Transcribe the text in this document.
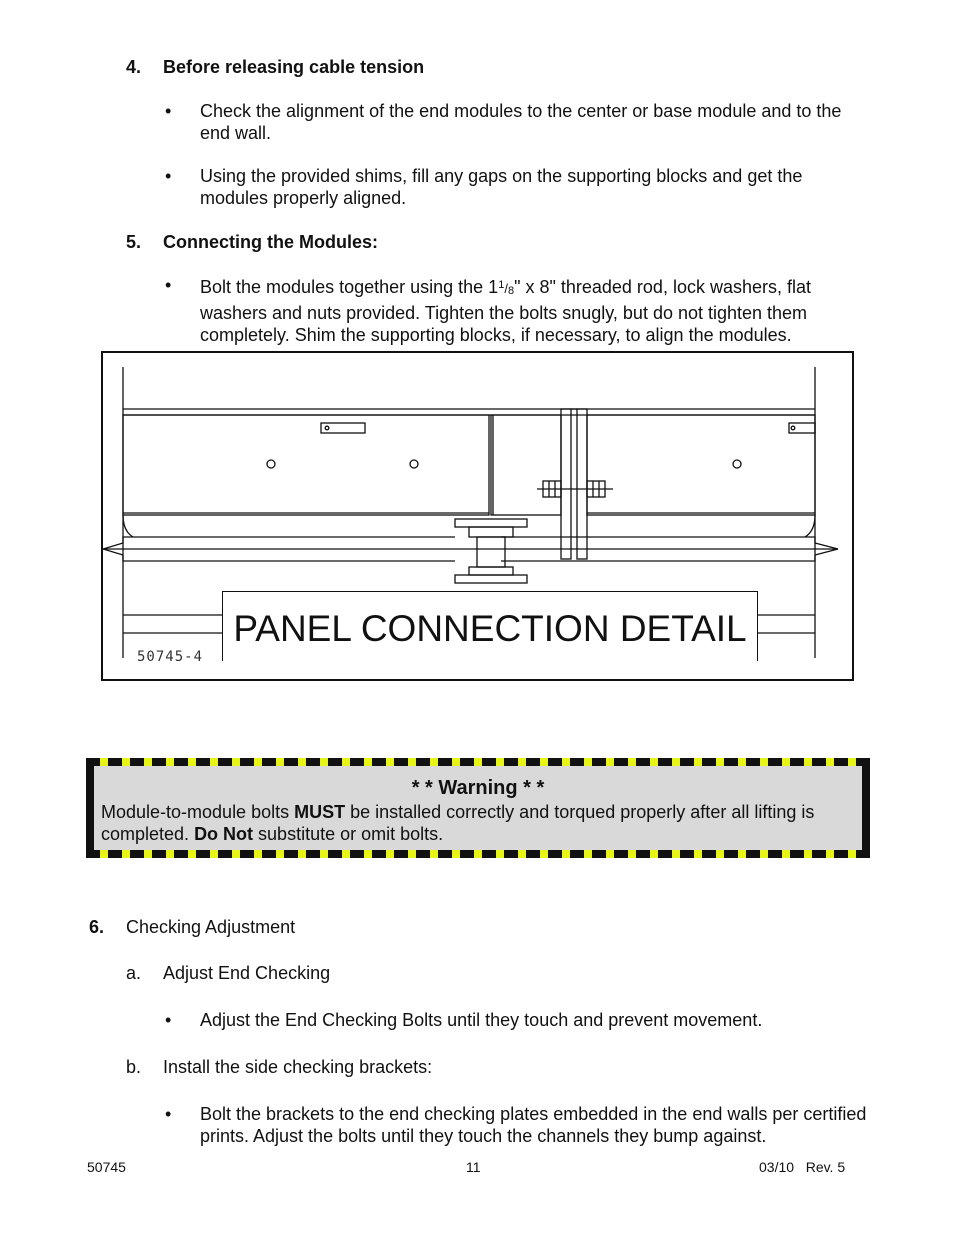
4. Before releasing cable tension
• Check the alignment of the end modules to the center or base module and to the end wall.
• Using the provided shims, fill any gaps on the supporting blocks and get the modules properly aligned.
5. Connecting the Modules:
• Bolt the modules together using the $1^1/8$" x 8" threaded rod, lock washers, flat washers and nuts provided. Tighten the bolts snugly, but do not tighten them completely. Shim the supporting blocks, if necessary, to align the modules.
PANEL CONNECTION DETAIL
50745-4
* * Warning * *
Module-to-module bolts MUST be installed correctly and torqued properly after all lifting is completed. Do Not substitute or omit bolts.
6. Checking Adjustment
a. Adjust End Checking
• Adjust the End Checking Bolts until they touch and prevent movement.
b. Install the side checking brackets:
• Bolt the brackets to the end checking plates embedded in the end walls per certified prints. Adjust the bolts until they touch the channels they bump against.
50745	11	03/10   Rev. 5
